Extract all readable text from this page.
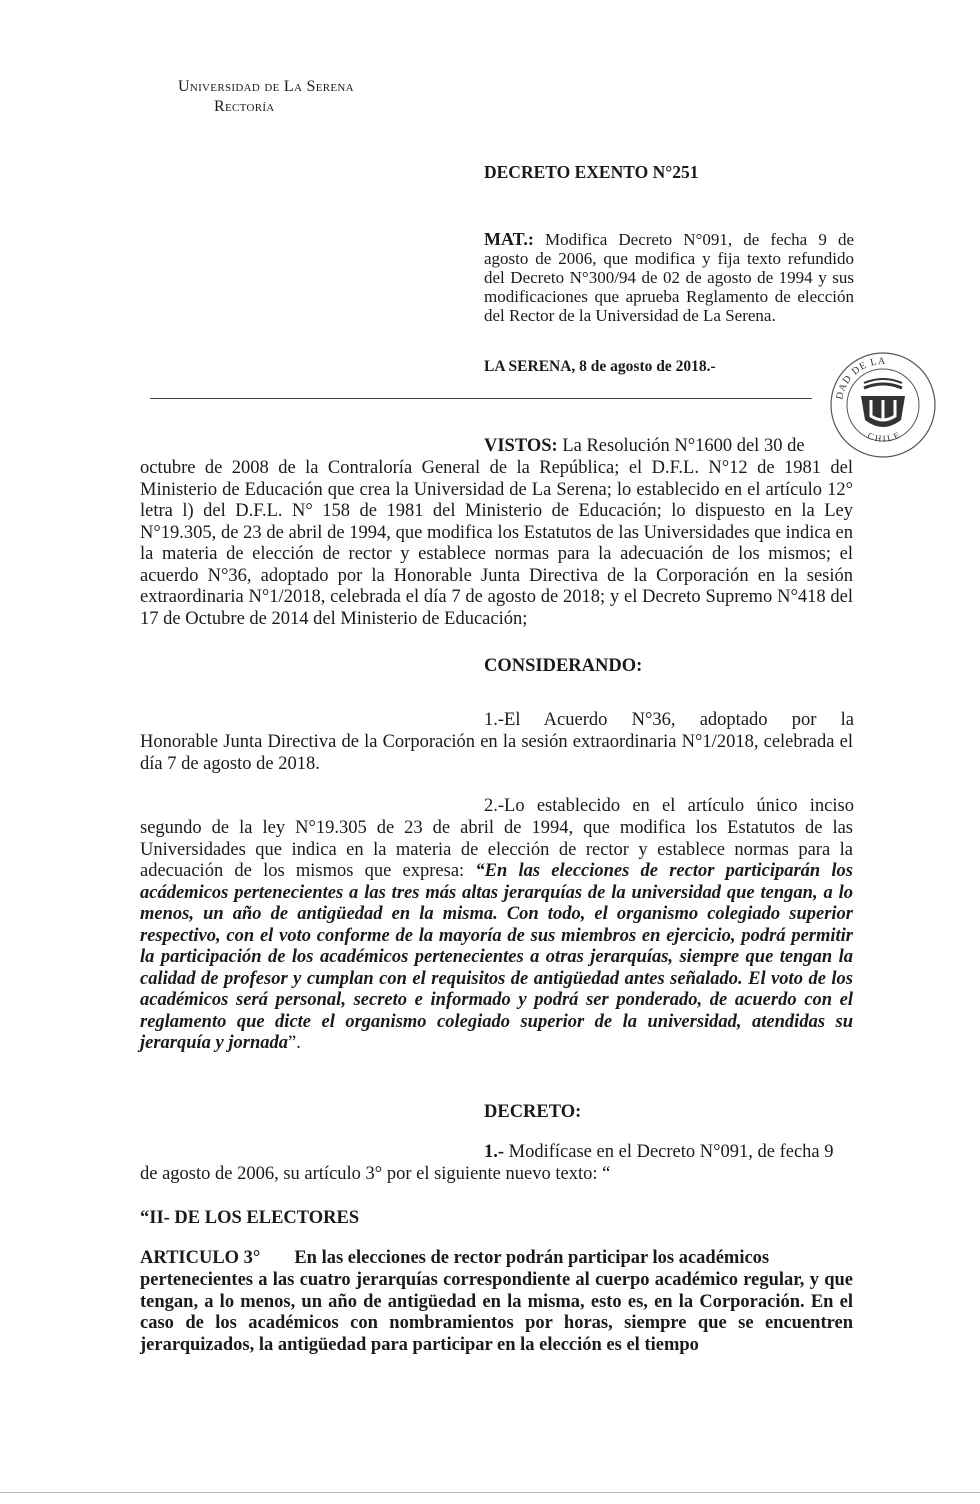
Universidad de La Serena
Rectoría
DECRETO EXENTO N°251
MAT.: Modifica Decreto N°091, de fecha 9 de agosto de 2006, que modifica y fija texto refundido del Decreto N°300/94 de 02 de agosto de 1994 y sus modificaciones que aprueba Reglamento de elección del Rector de la Universidad de La Serena.
LA SERENA, 8 de agosto de 2018.-
DAD DE LA
CHILE
VISTOS: La Resolución N°1600 del 30 de
octubre de 2008 de la Contraloría General de la República; el D.F.L. N°12 de 1981 del Ministerio de Educación que crea la Universidad de La Serena; lo establecido en el artículo 12° letra l) del D.F.L. N° 158 de 1981 del Ministerio de Educación; lo dispuesto en la Ley N°19.305, de 23 de abril de 1994, que modifica los Estatutos de las Universidades que indica en la materia de elección de rector y establece normas para la adecuación de los mismos; el acuerdo N°36, adoptado por la Honorable Junta Directiva de la Corporación en la sesión extraordinaria N°1/2018, celebrada el día 7 de agosto de 2018; y el Decreto Supremo N°418 del 17 de Octubre de 2014 del Ministerio de Educación;
CONSIDERANDO:
1.-El Acuerdo N°36, adoptado por la
Honorable Junta Directiva de la Corporación en la sesión extraordinaria N°1/2018, celebrada el día 7 de agosto de 2018.
2.-Lo establecido en el artículo único inciso
segundo de la ley N°19.305 de 23 de abril de 1994, que modifica los Estatutos de las Universidades que indica en la materia de elección de rector y establece normas para la adecuación de los mismos que expresa: “En las elecciones de rector participarán los acádemicos pertenecientes a las tres más altas jerarquías de la universidad que tengan, a lo menos, un año de antigüedad en la misma. Con todo, el organismo colegiado superior respectivo, con el voto conforme de la mayoría de sus miembros en ejercicio, podrá permitir la participación de los académicos pertenecientes a otras jerarquías, siempre que tengan la calidad de profesor y cumplan con el requisitos de antigüedad antes señalado. El voto de los académicos será personal, secreto e informado y podrá ser ponderado, de acuerdo con el reglamento que dicte el organismo colegiado superior de la universidad, atendidas su jerarquía y jornada”.
DECRETO:
1.- Modifícase en el Decreto N°091, de fecha 9
de agosto de 2006, su artículo 3° por el siguiente nuevo texto: “
“II- DE LOS ELECTORES
ARTICULO 3° En las elecciones de rector podrán participar los académicos
pertenecientes a las cuatro jerarquías correspondiente al cuerpo académico regular, y que tengan, a lo menos, un año de antigüedad en la misma, esto es, en la Corporación. En el caso de los académicos con nombramientos por horas, siempre que se encuentren jerarquizados, la antigüedad para participar en la elección es el tiempo
